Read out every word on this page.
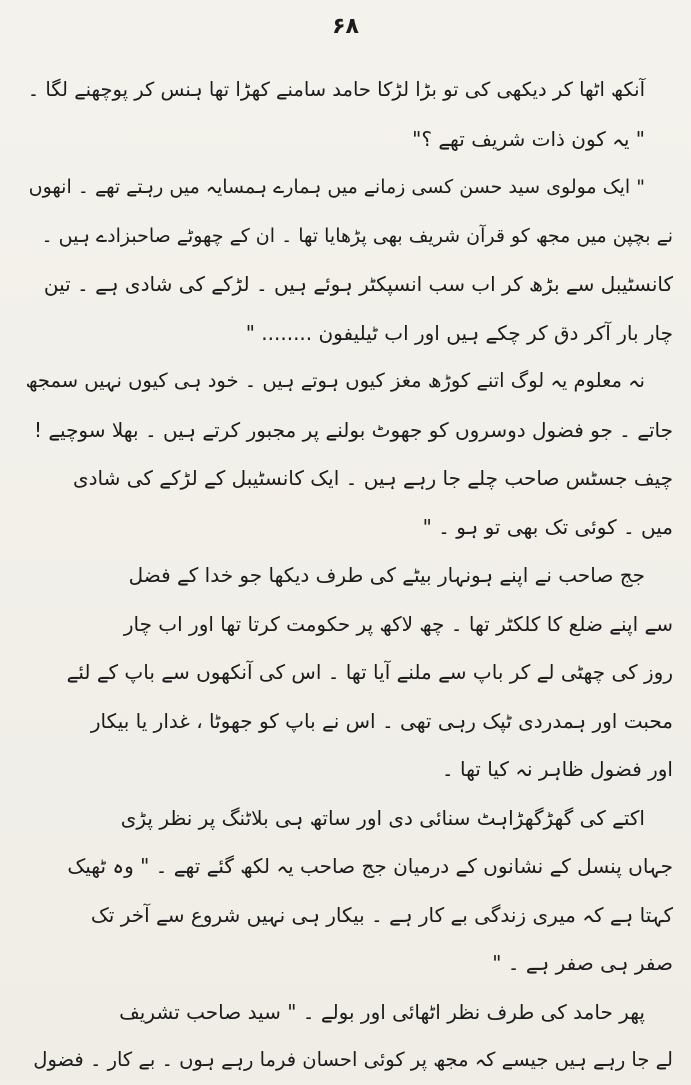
۶۸
آنکھ اٹھا کر دیکھی کی تو بڑا لڑکا حامد سامنے کھڑا تھا ہنس کر پوچھنے لگا ۔
" یہ کون ذات شریف تھے ؟"
" ایک مولوی سید حسن کسی زمانے میں ہمارے ہمسایہ میں رہتے تھے ۔ انھوں
نے بچپن میں مجھ کو قرآن شریف بھی پڑھایا تھا ۔ ان کے چھوٹے صاحبزادے ہیں ۔
کانسٹیبل سے بڑھ کر اب سب انسپکٹر ہوئے ہیں ۔ لڑکے کی شادی ہے ۔ تین
چار بار آکر دق کر چکے ہیں اور اب ٹیلیفون ........ "
نہ معلوم یہ لوگ اتنے کوڑھ مغز کیوں ہوتے ہیں ۔ خود ہی کیوں نہیں سمجھ
جاتے ۔ جو فضول دوسروں کو جھوٹ بولنے پر مجبور کرتے ہیں ۔ بھلا سوچیے !
چیف جسٹس صاحب چلے جا رہے ہیں ۔ ایک کانسٹیبل کے لڑکے کی شادی
میں ۔ کوئی تک بھی تو ہو ۔ "
جج صاحب نے اپنے ہونہار بیٹے کی طرف دیکھا جو خدا کے فضل
سے اپنے ضلع کا کلکٹر تھا ۔ چھ لاکھ پر حکومت کرتا تھا اور اب چار
روز کی چھٹی لے کر باپ سے ملنے آیا تھا ۔ اس کی آنکھوں سے باپ کے لئے
محبت اور ہمدردی ٹپک رہی تھی ۔ اس نے باپ کو جھوٹا ، غدار یا بیکار
اور فضول ظاہر نہ کیا تھا ۔
اکتے کی گھڑگھڑاہٹ سنائی دی اور ساتھ ہی بلاٹنگ پر نظر پڑی
جہاں پنسل کے نشانوں کے درمیان جج صاحب یہ لکھ گئے تھے ۔ " وہ ٹھیک
کہتا ہے کہ میری زندگی بے کار ہے ۔ بیکار ہی نہیں شروع سے آخر تک
صفر ہی صفر ہے ۔ "
پھر حامد کی طرف نظر اٹھائی اور بولے ۔ " سید صاحب تشریف
لے جا رہے ہیں جیسے کہ مجھ پر کوئی احسان فرما رہے ہوں ۔ بے کار ۔ فضول
